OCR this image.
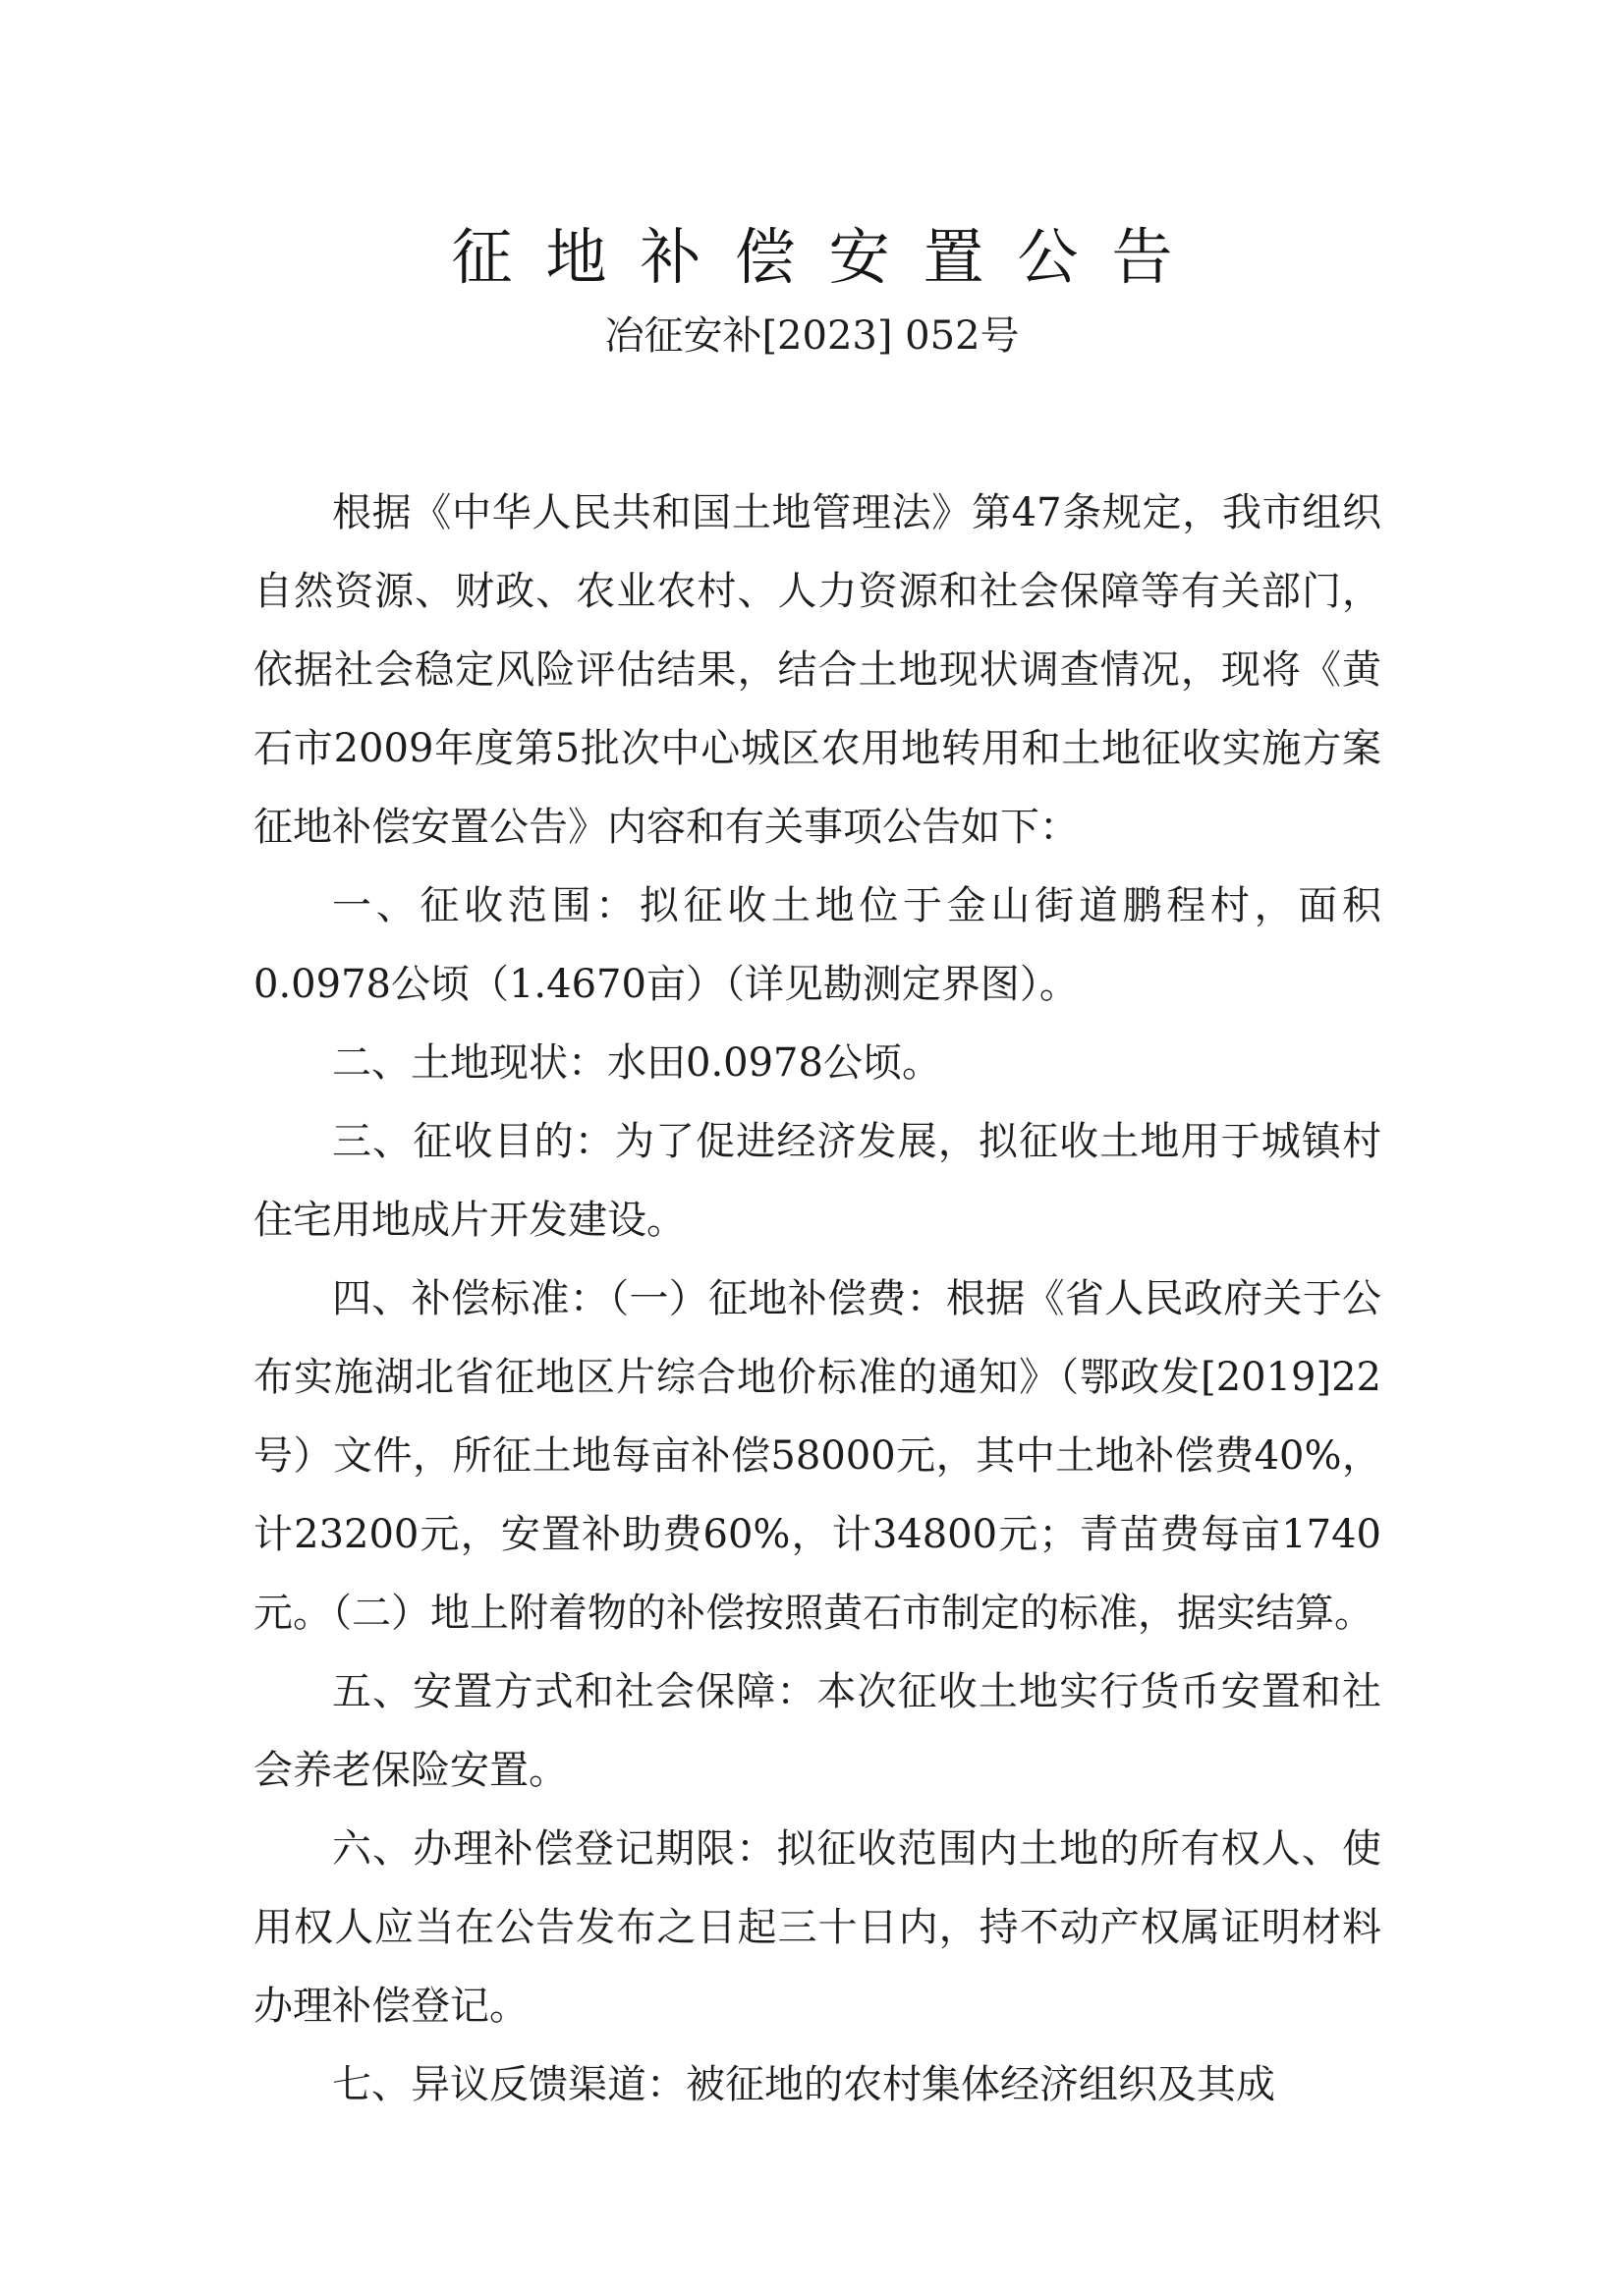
征地补偿安置公告
冶征安补[2023] 052号

根据《中华人民共和国土地管理法》第47条规定，我市组织自然资源、财政、农业农村、人力资源和社会保障等有关部门，依据社会稳定风险评估结果，结合土地现状调查情况，现将《黄石市2009年度第5批次中心城区农用地转用和土地征收实施方案征地补偿安置公告》内容和有关事项公告如下：

一、征收范围：拟征收土地位于金山街道鹏程村，面积0.0978公顷（1.4670亩）（详见勘测定界图）。

二、土地现状：水田0.0978公顷。

三、征收目的：为了促进经济发展，拟征收土地用于城镇村住宅用地成片开发建设。

四、补偿标准：（一）征地补偿费：根据《省人民政府关于公布实施湖北省征地区片综合地价标准的通知》（鄂政发[2019]22号）文件，所征土地每亩补偿58000元，其中土地补偿费40%，计23200元，安置补助费60%，计34800元；青苗费每亩1740元。（二）地上附着物的补偿按照黄石市制定的标准，据实结算。

五、安置方式和社会保障：本次征收土地实行货币安置和社会养老保险安置。

六、办理补偿登记期限：拟征收范围内土地的所有权人、使用权人应当在公告发布之日起三十日内，持不动产权属证明材料办理补偿登记。

七、异议反馈渠道：被征地的农村集体经济组织及其成
